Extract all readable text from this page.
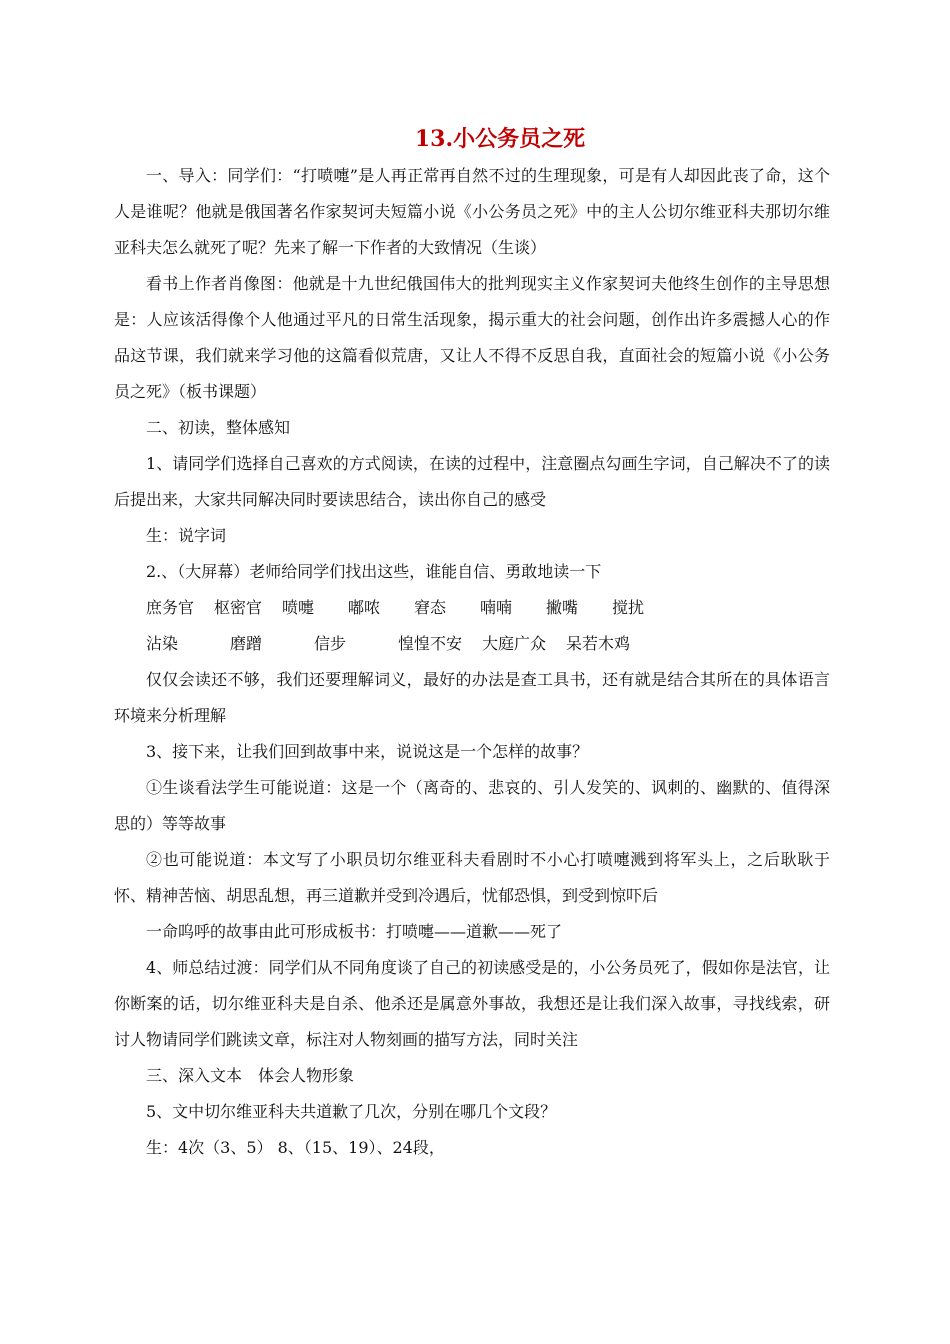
13.小公务员之死

一、导入：同学们：“打喷嚏”是人再正常再自然不过的生理现象，可是有人却因此丧了命，这个人是谁呢？他就是俄国著名作家契诃夫短篇小说《小公务员之死》中的主人公切尔维亚科夫那切尔维亚科夫怎么就死了呢？先来了解一下作者的大致情况（生谈）

看书上作者肖像图：他就是十九世纪俄国伟大的批判现实主义作家契诃夫他终生创作的主导思想是：人应该活得像个人他通过平凡的日常生活现象，揭示重大的社会问题，创作出许多震撼人心的作品这节课，我们就来学习他的这篇看似荒唐，又让人不得不反思自我，直面社会的短篇小说《小公务员之死》（板书课题）

二、初读，整体感知

1、请同学们选择自己喜欢的方式阅读，在读的过程中，注意圈点勾画生字词，自己解决不了的读后提出来，大家共同解决同时要读思结合，读出你自己的感受

生：说字词

2.、（大屏幕）老师给同学们找出这些，谁能自信、勇敢地读一下

庶务官 枢密官 喷嚏	嘟哝	窘态	喃喃	撇嘴	搅扰
沾染	磨蹭	信步	惶惶不安 大庭广众 呆若木鸡

仅仅会读还不够，我们还要理解词义，最好的办法是查工具书，还有就是结合其所在的具体语言环境来分析理解

3、接下来，让我们回到故事中来，说说这是一个怎样的故事？

①生谈看法学生可能说道：这是一个（离奇的、悲哀的、引人发笑的、讽刺的、幽默的、值得深思的）等等故事

②也可能说道：本文写了小职员切尔维亚科夫看剧时不小心打喷嚏溅到将军头上，之后耿耿于怀、精神苦恼、胡思乱想，再三道歉并受到冷遇后，忧郁恐惧，到受到惊吓后

一命呜呼的故事由此可形成板书：打喷嚏——道歉——死了

4、师总结过渡：同学们从不同角度谈了自己的初读感受是的，小公务员死了，假如你是法官，让你断案的话，切尔维亚科夫是自杀、他杀还是属意外事故，我想还是让我们深入故事，寻找线索，研讨人物请同学们跳读文章，标注对人物刻画的描写方法，同时关注

三、深入文本　体会人物形象

5、文中切尔维亚科夫共道歉了几次，分别在哪几个文段？

生：4次（3、5） 8、（15、19）、24段，
